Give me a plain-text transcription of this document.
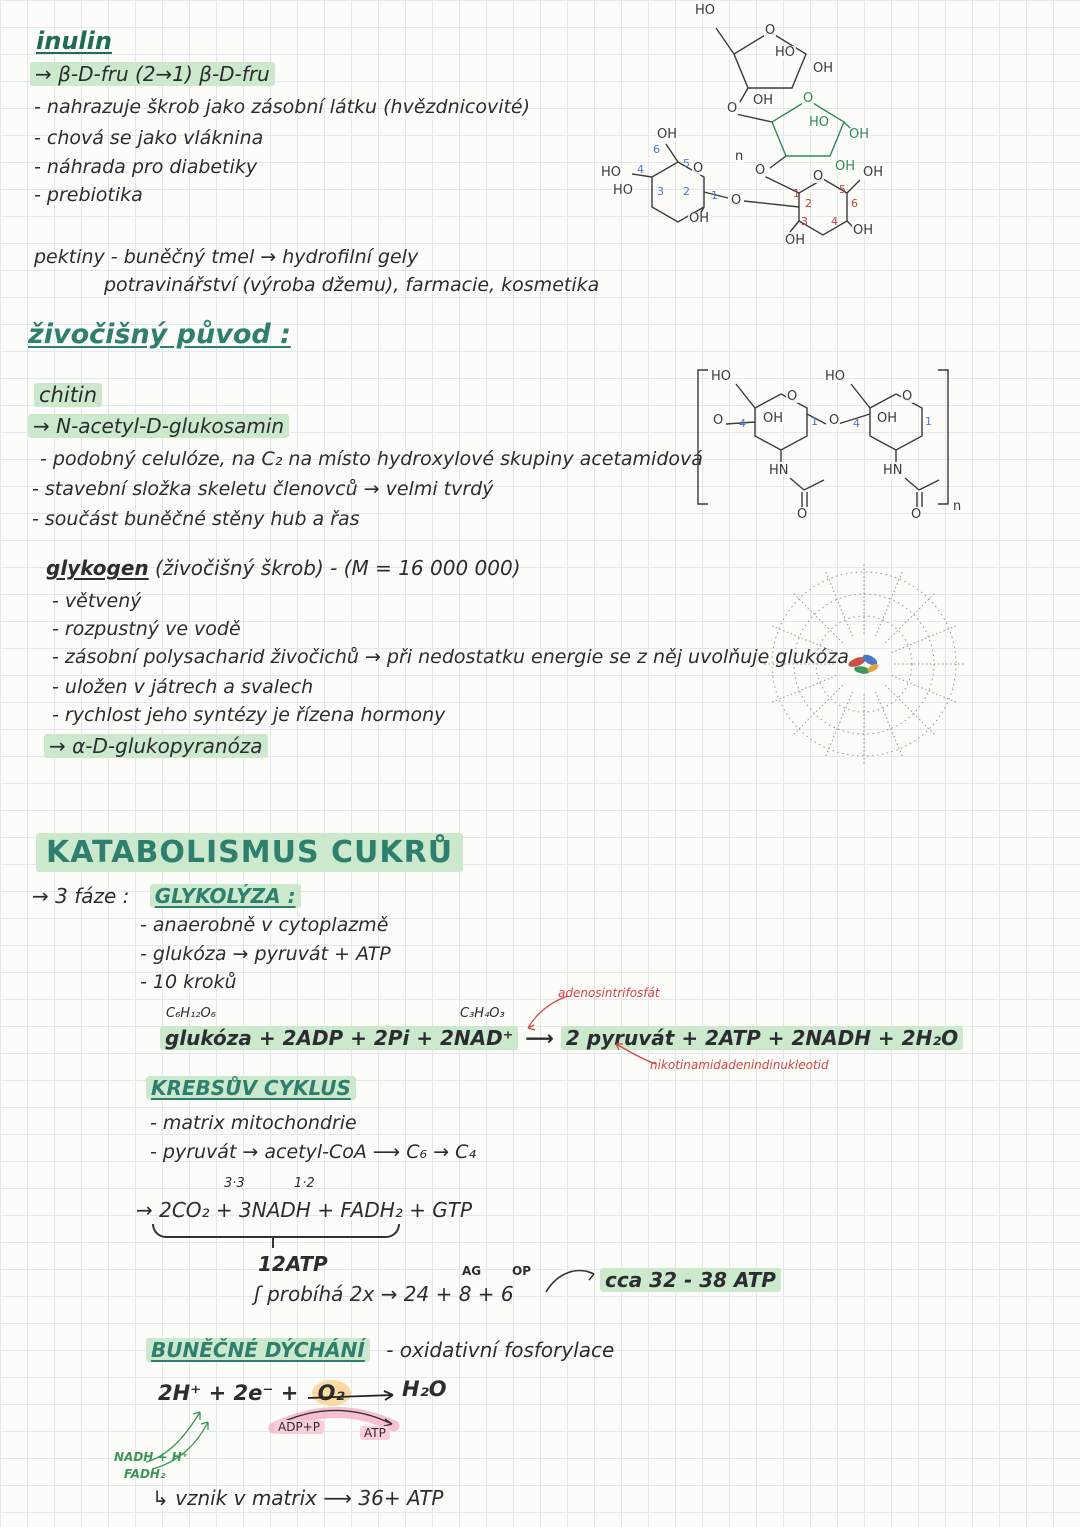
inulin
→ β-D-fru (2→1) β-D-fru
- nahrazuje škrob jako zásobní látku (hvězdnicovité)
- chová se jako vláknina
- náhrada pro diabetiky
- prebiotika
HO
O
HO
OH
OH
O
O
HO
OH
OH
O
n
OH
6
5 O
4
HO
HO 3 2
OH
1 O
O
1
2
3 4
5
6
OH
OH
OH
pektiny - buněčný tmel → hydrofilní gely
potravinářství (výroba džemu), farmacie, kosmetika
živočišný původ :
chitin
→ N-acetyl-D-glukosamin
- podobný celulóze, na C₂ na místo hydroxylové skupiny acetamidová
- stavební složka skeletu členovců → velmi tvrdý
- součást buněčné stěny hub a řas
HO
O
OH
4	1 O
HO
O
OH
4	1
O
HN
O
HN
O
n
glykogen (živočišný škrob) - (M = 16 000 000)
- větvený
- rozpustný ve vodě
- zásobní polysacharid živočichů → při nedostatku energie se z něj uvolňuje glukóza
- uložen v játrech a svalech
- rychlost jeho syntézy je řízena hormony
→ α-D-glukopyranóza
KATABOLISMUS CUKRŮ
→ 3 fáze : GLYKOLÝZA :
- anaerobně v cytoplazmě
- glukóza → pyruvát + ATP
- 10 kroků
C₆H₁₂O₆	C₃H₄O₃
glukóza + 2ADP + 2Pi + 2NAD⁺ ⟶ 2 pyruvát + 2ATP + 2NADH + 2H₂O
adenosintrifosfát
nikotinamidadenindinukleotid
KREBSŮV CYKLUS
- matrix mitochondrie
- pyruvát → acetyl-CoA ⟶ C₆ → C₄
3·3	1·2
→ 2CO₂ + 3NADH + FADH₂ + GTP
12ATP
ʃ probíhá 2x → 24 + 8 + 6
AG	OP	cca 32 - 38 ATP
BUNĚČNÉ DÝCHÁNÍ - oxidativní fosforylace
2H⁺ + 2e⁻ + O₂	H₂O
ADP+P	ATP
NADH + H⁺
FADH₂
↳ vznik v matrix ⟶ 36+ ATP
